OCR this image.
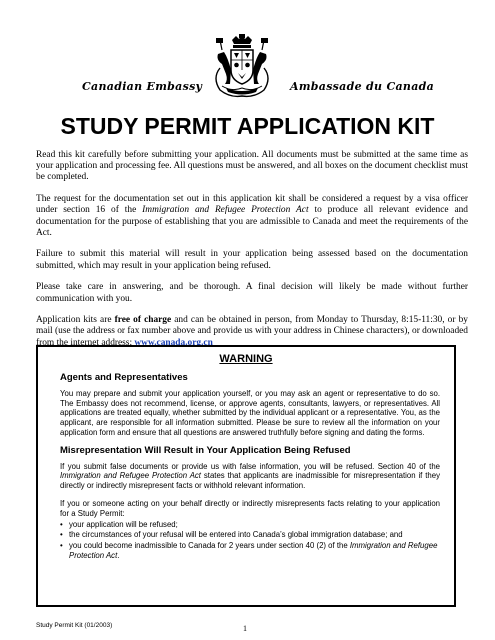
Canadian Embassy	Ambassade du Canada
STUDY PERMIT APPLICATION KIT

Read this kit carefully before submitting your application. All documents must be submitted at the same time as your application and processing fee. All questions must be answered, and all boxes on the document checklist must be completed.

The request for the documentation set out in this application kit shall be considered a request by a visa officer under section 16 of the Immigration and Refugee Protection Act to produce all relevant evidence and documentation for the purpose of establishing that you are admissible to Canada and meet the requirements of the Act.

Failure to submit this material will result in your application being assessed based on the documentation submitted, which may result in your application being refused.

Please take care in answering, and be thorough. A final decision will likely be made without further communication with you.

Application kits are free of charge and can be obtained in person, from Monday to Thursday, 8:15-11:30, or by mail (use the address or fax number above and provide us with your address in Chinese characters), or downloaded from the internet address: www.canada.org.cn

WARNING
Agents and Representatives

You may prepare and submit your application yourself, or you may ask an agent or representative to do so. The Embassy does not recommend, license, or approve agents, consultants, lawyers, or representatives. All applications are treated equally, whether submitted by the individual applicant or a representative. You, as the applicant, are responsible for all information submitted. Please be sure to review all the information on your application form and ensure that all questions are answered truthfully before signing and dating the forms.

Misrepresentation Will Result in Your Application Being Refused

If you submit false documents or provide us with false information, you will be refused. Section 40 of the Immigration and Refugee Protection Act states that applicants are inadmissible for misrepresentation if they directly or indirectly misrepresent facts or withhold relevant information.

If you or someone acting on your behalf directly or indirectly misrepresents facts relating to your application for a Study Permit:

• your application will be refused;
• the circumstances of your refusal will be entered into Canada’s global immigration database; and
• you could become inadmissible to Canada for 2 years under section 40 (2) of the Immigration and Refugee Protection Act.
Study Permit Kit (01/2003)	1
